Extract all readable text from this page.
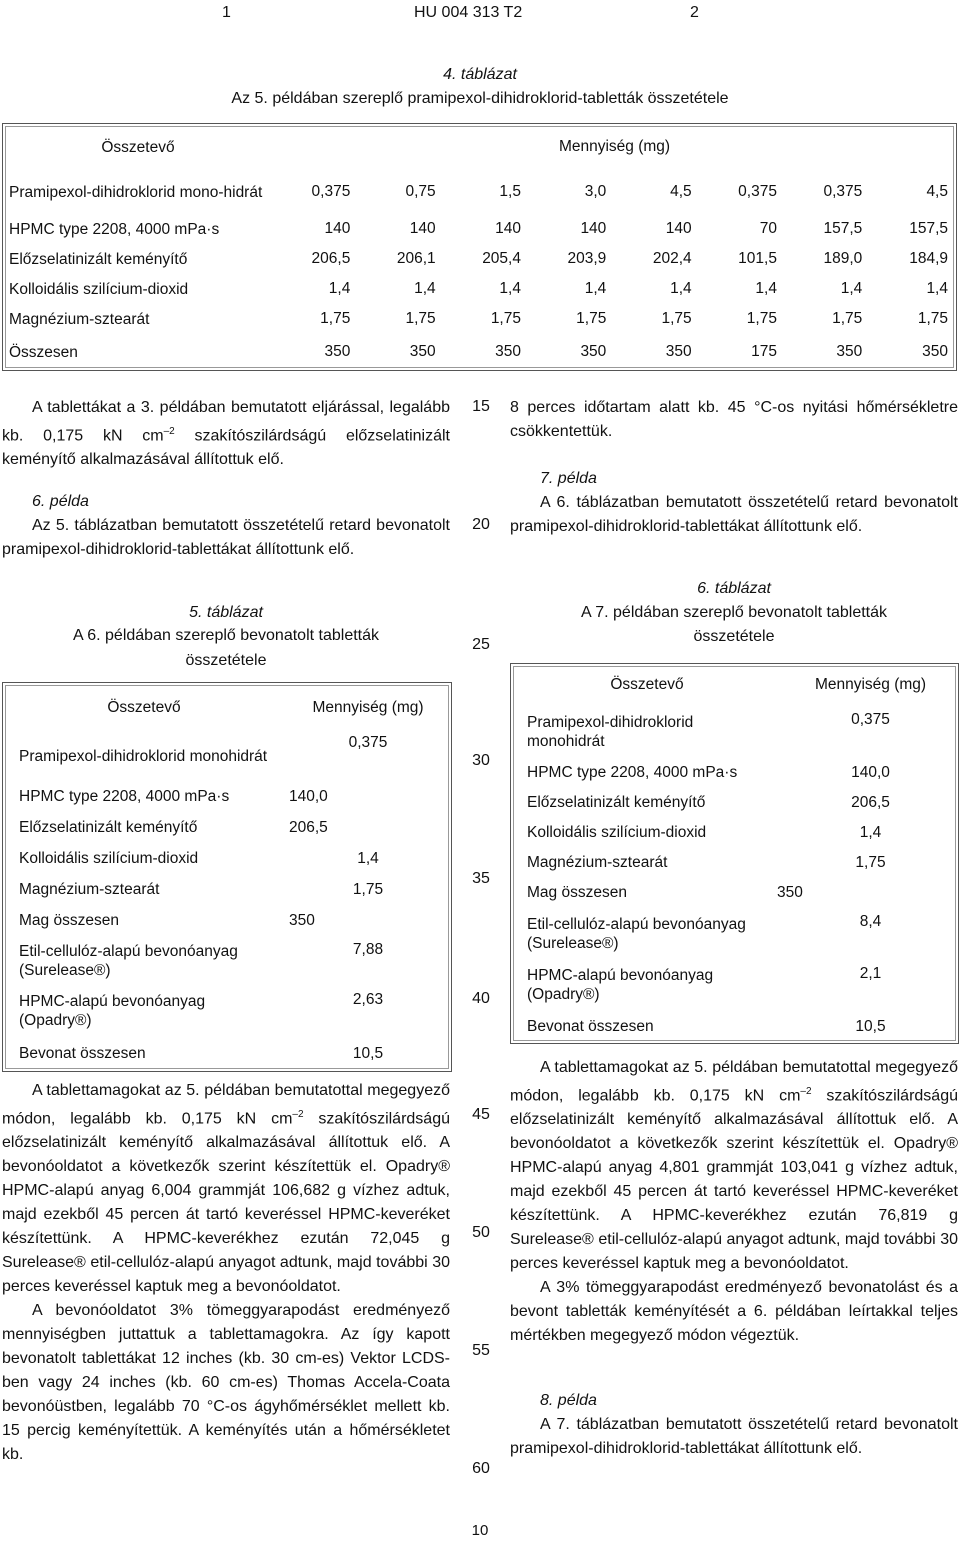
1	HU 004 313 T2	2
4. táblázat
Az 5. példában szereplő pramipexol-dihidroklorid-tabletták összetétele
Összetevő	Mennyiség (mg)							
Pramipexol-dihidroklorid mono-hidrát	0,375	0,75	1,5	3,0	4,5	0,375	0,375	4,5
HPMC type 2208, 4000 mPa·s	140	140	140	140	140	70	157,5	157,5
Előzselatinizált keményítő	206,5	206,1	205,4	203,9	202,4	101,5	189,0	184,9
Kolloidális szilícium-dioxid	1,4	1,4	1,4	1,4	1,4	1,4	1,4	1,4
Magnézium-sztearát	1,75	1,75	1,75	1,75	1,75	1,75	1,75	1,75
Összesen	350	350	350	350	350	175	350	350

A tablettákat a 3. példában bemutatott eljárással, legalább kb. 0,175 kN $cm^{-2}$ szakítószilárdságú előzselatinizált keményítő alkalmazásával állítottuk elő.

6. példa

Az 5. táblázatban bemutatott összetételű retard bevonatolt pramipexol-dihidroklorid-tablettákat állítottunk elő.

5. táblázat
A 6. példában szereplő bevonatolt tabletták
összetétele
Összetevő	Mennyiség (mg)
Pramipexol-dihidroklorid monohidrát	0,375
HPMC type 2208, 4000 mPa·s	140,0
Előzselatinizált keményítő	206,5
Kolloidális szilícium-dioxid	1,4
Magnézium-sztearát	1,75
Mag összesen	350
Etil-cellulóz-alapú bevonóanyag (Surelease®)	7,88
HPMC-alapú bevonóanyag (Opadry®)	2,63
Bevonat összesen	10,5

A tablettamagokat az 5. példában bemutatottal megegyező módon, legalább kb. 0,175 kN $cm^{-2}$ szakítószilárdságú előzselatinizált keményítő alkalmazásával állítottuk elő. A bevonóoldatot a következők szerint készítettük el. Opadry® HPMC-alapú anyag 6,004 grammját 106,682 g vízhez adtuk, majd ezekből 45 percen át tartó keveréssel HPMC-keveréket készítettünk. A HPMC-keverékhez ezután 72,045 g Surelease® etil-cellulóz-alapú anyagot adtunk, majd további 30 perces keveréssel kaptuk meg a bevonóoldatot.

A bevonóoldatot 3% tömeggyarapodást eredményező mennyiségben juttattuk a tablettamagokra. Az így kapott bevonatolt tablettákat 12 inches (kb. 30 cm-es) Vektor LCDS-ben vagy 24 inches (kb. 60 cm-es) Thomas Accela-Coata bevonóüstben, legalább 70 °C-os ágyhőmérséklet mellett kb. 15 percig keményítettük. A keményítés után a hőmérsékletet kb.

15
20
25
30
35
40
45
50
55
60

8 perces időtartam alatt kb. 45 °C-os nyitási hőmérsékletre csökkentettük.

7. példa

A 6. táblázatban bemutatott összetételű retard bevonatolt pramipexol-dihidroklorid-tablettákat állítottunk elő.

6. táblázat
A 7. példában szereplő bevonatolt tabletták
összetétele
Összetevő	Mennyiség (mg)
Pramipexol-dihidroklorid monohidrát	0,375
HPMC type 2208, 4000 mPa·s	140,0
Előzselatinizált keményítő	206,5
Kolloidális szilícium-dioxid	1,4
Magnézium-sztearát	1,75
Mag összesen	350
Etil-cellulóz-alapú bevonóanyag (Surelease®)	8,4
HPMC-alapú bevonóanyag (Opadry®)	2,1
Bevonat összesen	10,5

A tablettamagokat az 5. példában bemutatottal megegyező módon, legalább kb. 0,175 kN $cm^{-2}$ szakítószilárdságú előzselatinizált keményítő alkalmazásával állítottuk elő. A bevonóoldatot a következők szerint készítettük el. Opadry® HPMC-alapú anyag 4,801 grammját 103,041 g vízhez adtuk, majd ezekből 45 percen át tartó keveréssel HPMC-keveréket készítettünk. A HPMC-keverékhez ezután 76,819 g Surelease® etil-cellulóz-alapú anyagot adtunk, majd további 30 perces keveréssel kaptuk meg a bevonóoldatot.

A 3% tömeggyarapodást eredményező bevonatolást és a bevont tabletták keményítését a 6. példában leírtakkal teljes mértékben megegyező módon végeztük.

8. példa

A 7. táblázatban bemutatott összetételű retard bevonatolt pramipexol-dihidroklorid-tablettákat állítottunk elő.

10
